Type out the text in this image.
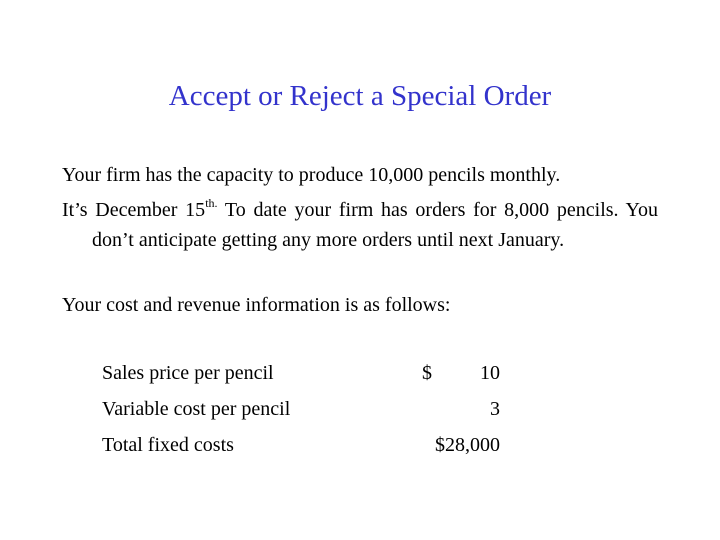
Accept or Reject a Special Order

Your firm has the capacity to produce 10,000 pencils monthly.

It’s December $15^{th.}$ To date your firm has orders for 8,000 pencils. You don’t anticipate getting any more orders until next January.

Your cost and revenue information is as follows:

Sales price per pencil	$	10
Variable cost per pencil	3
Total fixed costs	$28,000
